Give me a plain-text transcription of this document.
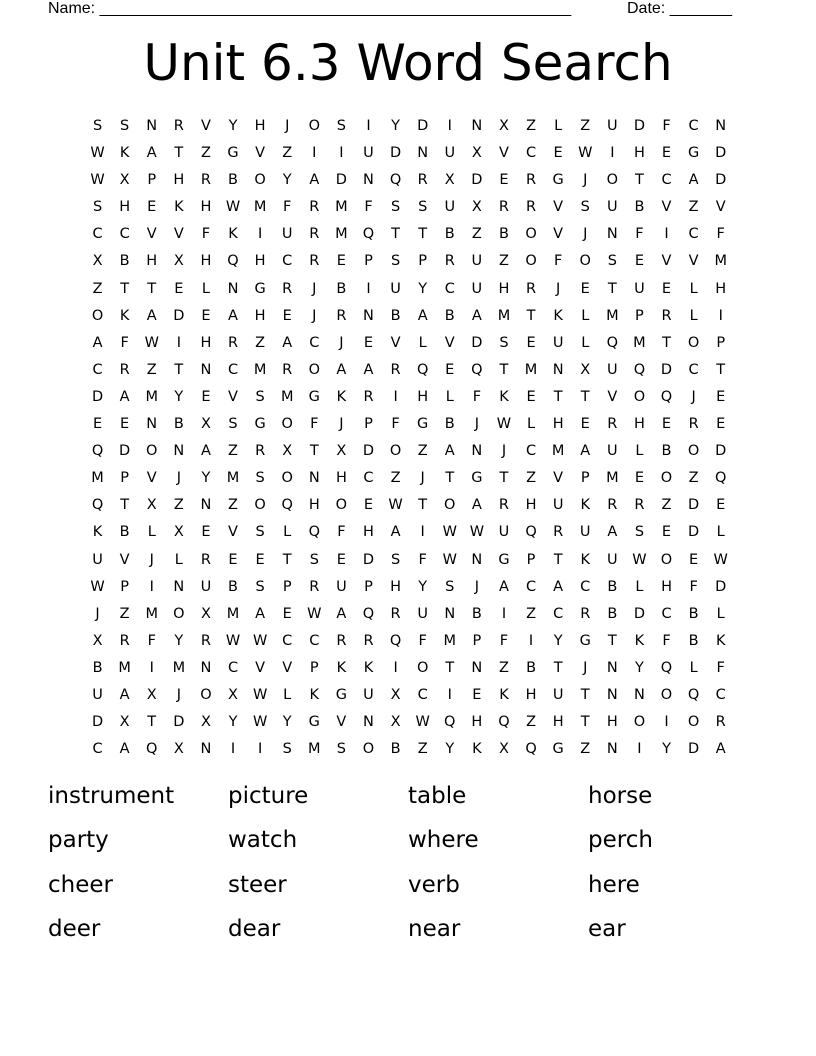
Name: _____________________________________________________	Date: _______
Unit 6.3 Word Search
S	S	N	R	V	Y	H	J	O	S	I	Y	D	I	N	X	Z	L	Z	U	D	F	C	N
W	K	A	T	Z	G	V	Z	I	I	U	D	N	U	X	V	C	E	W	I	H	E	G	D
W	X	P	H	R	B	O	Y	A	D	N	Q	R	X	D	E	R	G	J	O	T	C	A	D
S	H	E	K	H W M	F	R	M	F	S	S	U	X	R	R	V	S	U	B	V	Z	V
C	C	V	V	F	K	I	U	R	M	Q	T	T	B	Z	B	O	V	J	N	F	I	C	F
X	B	H	X	H	Q	H	C	R	E	P	S	P	R	U	Z	O	F	O	S	E	V	V	M
Z	T	T	E	L	N	G	R	J	B	I	U	Y	C	U	H	R	J	E	T	U	E	L	H
O	K	A	D	E	A	H	E	J	R	N	B	A	B	A	M	T	K	L	M	P	R	L	I
A	F	W	I	H	R	Z	A	C	J	E	V	L	V	D	S	E	U	L	Q	M	T	O	P
C	R	Z	T	N	C	M	R	O	A	A	R	Q	E	Q	T	M	N	X	U	Q	D	C	T
D	A	M	Y	E	V	S	M	G	K	R	I	H	L	F	K	E	T	T	V	O	Q	J	E
E	E	N	B	X	S	G	O	F	J	P	F	G	B	J	W	L	H	E	R	H	E	R	E
Q	D	O	N	A	Z	R	X	T	X	D	O	Z	A	N	J	C	M	A	U	L	B	O	D
M	P	V	J	Y	M	S	O	N	H	C	Z	J	T	G	T	Z	V	P	M	E	O	Z	Q
Q	T	X	Z	N	Z	O	Q	H	O	E	W	T	O	A	R	H	U	K	R	R	Z	D	E
K	B	L	X	E	V	S	L	Q	F	H	A	I	W W	U	Q	R	U	A	S	E	D	L
U	V	J	L	R	E	E	T	S	E	D	S	F	W N	G	P	T	K	U	W O	E	W
W	P	I	N	U	B	S	P	R	U	P	H	Y	S	J	A	C	A	C	B	L	H	F	D
J	Z	M	O	X	M	A	E	W	A	Q	R	U	N	B	I	Z	C	R	B	D	C	B	L
X	R	F	Y	R	W W	C	C	R	R	Q	F	M	P	F	I	Y	G	T	K	F	B	K
B	M	I	M	N	C	V	V	P	K	K	I	O	T	N	Z	B	T	J	N	Y	Q	L	F
U	A	X	J	O	X	W	L	K	G	U	X	C	I	E	K	H	U	T	N	N	O	Q	C
D	X	T	D	X	Y	W	Y	G	V	N	X	W Q	H	Q	Z	H	T	H	O	I	O	R
C	A	Q	X	N	I	I	S	M	S	O	B	Z	Y	K	X	Q	G	Z	N	I	Y	D	A
instrument	picture	table	horse
party	watch	where	perch
cheer	steer	verb	here
deer	dear	near	ear
